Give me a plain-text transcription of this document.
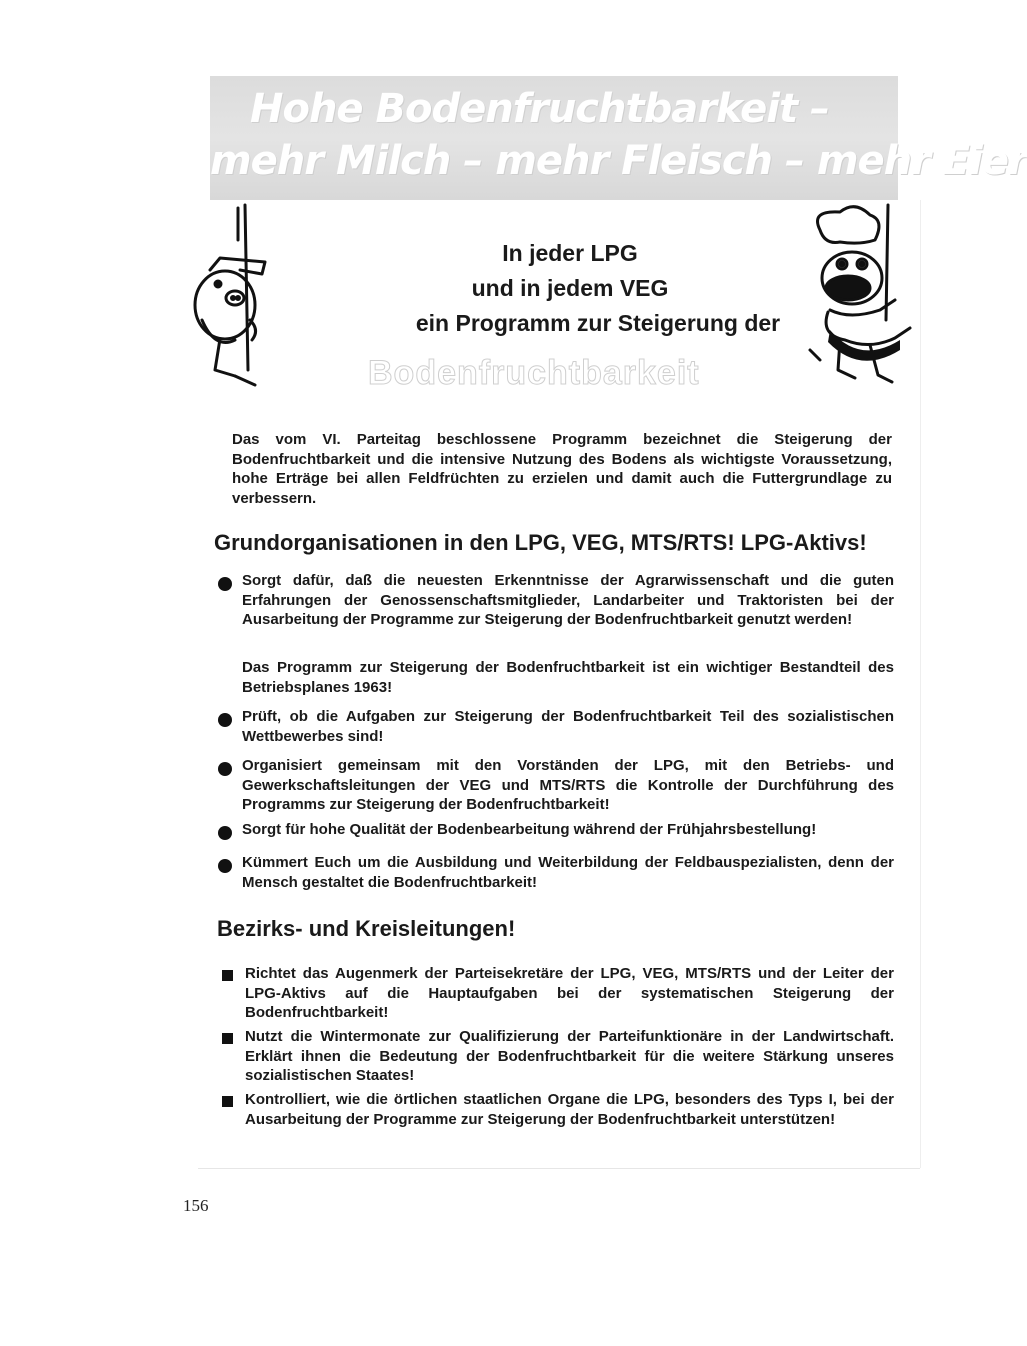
Hohe Bodenfruchtbarkeit –
mehr Milch – mehr Fleisch – mehr Eier
In jeder LPG
und in jedem VEG
ein Programm zur Steigerung der
Bodenfruchtbarkeit

Das vom VI. Parteitag beschlossene Programm bezeichnet die Steigerung der Bodenfruchtbarkeit und die intensive Nutzung des Bodens als wichtigste Voraussetzung, hohe Erträge bei allen Feldfrüchten zu erzielen und damit auch die Futtergrundlage zu verbessern.

Grundorganisationen in den LPG, VEG, MTS/RTS! LPG-Aktivs!

Sorgt dafür, daß die neuesten Erkenntnisse der Agrarwissenschaft und die guten Erfahrungen der Genossenschaftsmitglieder, Landarbeiter und Traktoristen bei der Ausarbeitung der Programme zur Steigerung der Bodenfruchtbarkeit genutzt werden!

Das Programm zur Steigerung der Bodenfruchtbarkeit ist ein wichtiger Bestandteil des Betriebsplanes 1963!

Prüft, ob die Aufgaben zur Steigerung der Bodenfruchtbarkeit Teil des sozialistischen Wettbewerbes sind!

Organisiert gemeinsam mit den Vorständen der LPG, mit den Betriebs- und Gewerkschaftsleitungen der VEG und MTS/RTS die Kontrolle der Durchführung des Programms zur Steigerung der Bodenfruchtbarkeit!

Sorgt für hohe Qualität der Bodenbearbeitung während der Frühjahrsbestellung!

Kümmert Euch um die Ausbildung und Weiterbildung der Feldbauspezialisten, denn der Mensch gestaltet die Bodenfruchtbarkeit!

Bezirks- und Kreisleitungen!

Richtet das Augenmerk der Parteisekretäre der LPG, VEG, MTS/RTS und der Leiter der LPG-Aktivs auf die Hauptaufgaben bei der systematischen Steigerung der Bodenfruchtbarkeit!

Nutzt die Wintermonate zur Qualifizierung der Parteifunktionäre in der Landwirtschaft. Erklärt ihnen die Bedeutung der Bodenfruchtbarkeit für die weitere Stärkung unseres sozialistischen Staates!

Kontrolliert, wie die örtlichen staatlichen Organe die LPG, besonders des Typs I, bei der Ausarbeitung der Programme zur Steigerung der Bodenfruchtbarkeit unterstützen!

156
